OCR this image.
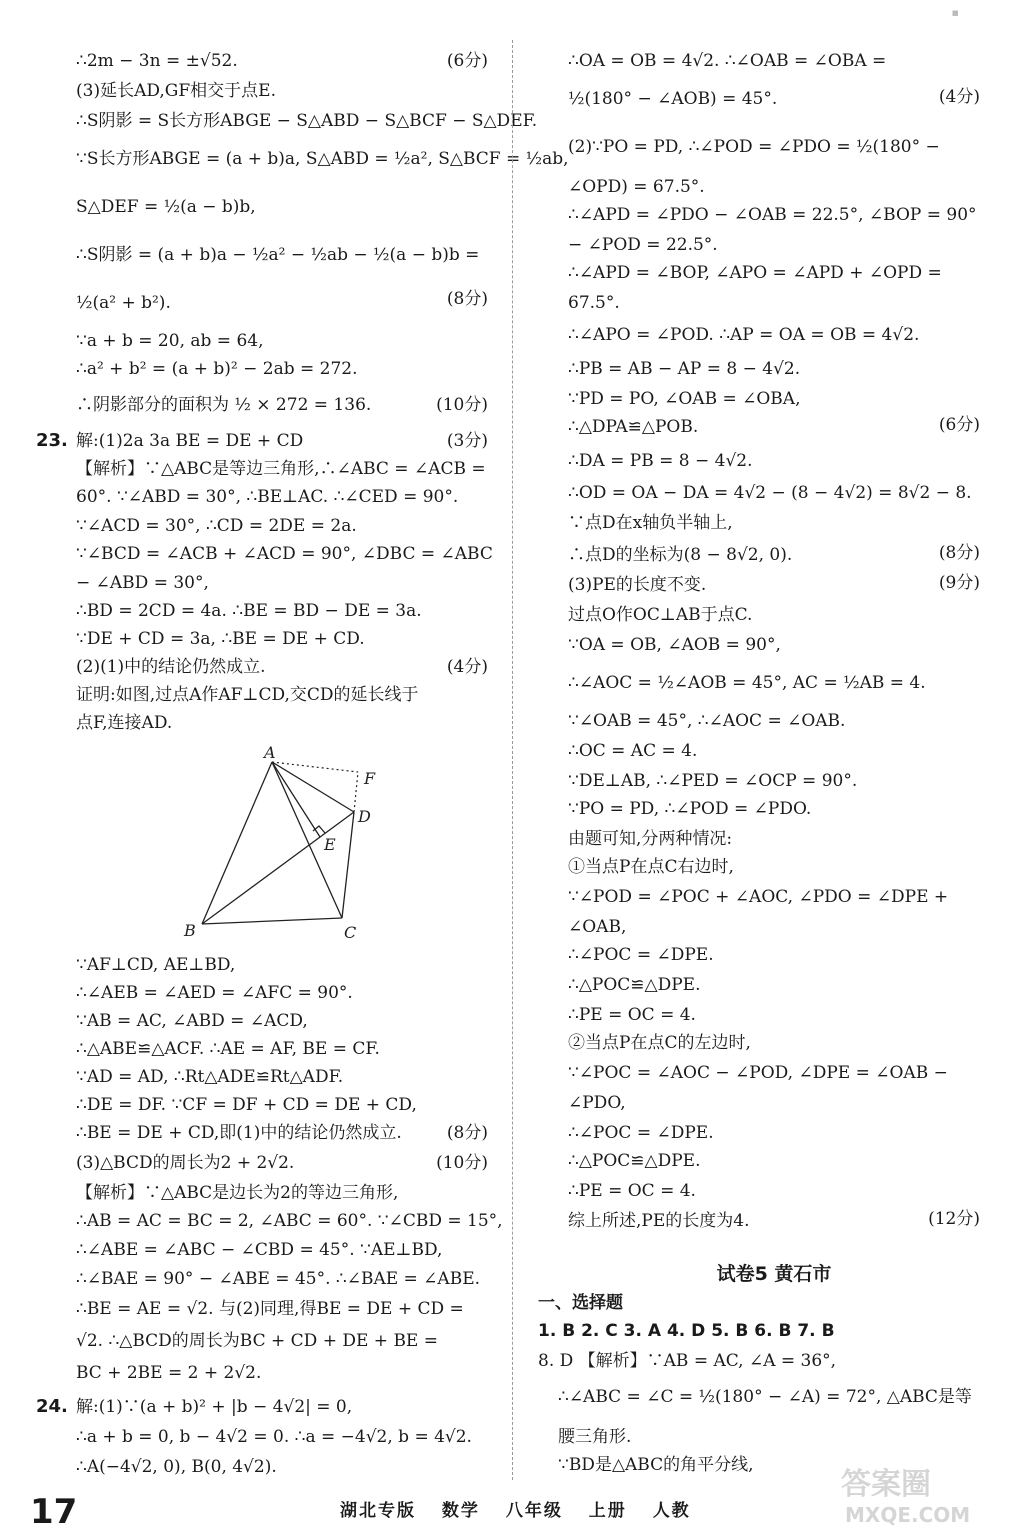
▪
∴2m − 3n = ±√52.	(6分)
(3)延长AD,GF相交于点E.
∴S阴影 = S长方形ABGE − S△ABD − S△BCF − S△DEF.
∵S长方形ABGE = (a + b)a, S△ABD = ½a², S△BCF = ½ab,
S△DEF = ½(a − b)b,
∴S阴影 = (a + b)a − ½a² − ½ab − ½(a − b)b =
½(a² + b²).	(8分)
∵a + b = 20, ab = 64,
∴a² + b² = (a + b)² − 2ab = 272.
∴阴影部分的面积为 ½ × 272 = 136.	(10分)
23. 解:(1)2a 3a BE = DE + CD	(3分)
【解析】∵△ABC是等边三角形,∴∠ABC = ∠ACB =
60°. ∵∠ABD = 30°, ∴BE⊥AC. ∴∠CED = 90°.
∵∠ACD = 30°, ∴CD = 2DE = 2a.
∵∠BCD = ∠ACB + ∠ACD = 90°, ∠DBC = ∠ABC
− ∠ABD = 30°,
∴BD = 2CD = 4a. ∴BE = BD − DE = 3a.
∵DE + CD = 3a, ∴BE = DE + CD.
(2)(1)中的结论仍然成立.	(4分)
证明:如图,过点A作AF⊥CD,交CD的延长线于
点F,连接AD.
∵AF⊥CD, AE⊥BD,
∴∠AEB = ∠AED = ∠AFC = 90°.
∵AB = AC, ∠ABD = ∠ACD,
∴△ABE≌△ACF. ∴AE = AF, BE = CF.
∵AD = AD, ∴Rt△ADE≌Rt△ADF.
∴DE = DF. ∵CF = DF + CD = DE + CD,
∴BE = DE + CD,即(1)中的结论仍然成立.	(8分)
(3)△BCD的周长为2 + 2√2.	(10分)
【解析】∵△ABC是边长为2的等边三角形,
∴AB = AC = BC = 2, ∠ABC = 60°. ∵∠CBD = 15°,
∴∠ABE = ∠ABC − ∠CBD = 45°. ∵AE⊥BD,
∴∠BAE = 90° − ∠ABE = 45°. ∴∠BAE = ∠ABE.
∴BE = AE = √2. 与(2)同理,得BE = DE + CD =
√2. ∴△BCD的周长为BC + CD + DE + BE =
BC + 2BE = 2 + 2√2.
24. 解:(1)∵(a + b)² + |b − 4√2| = 0,
∴a + b = 0, b − 4√2 = 0. ∴a = −4√2, b = 4√2.
∴A(−4√2, 0), B(0, 4√2).
A
B	C
D
E
F
∴OA = OB = 4√2. ∴∠OAB = ∠OBA =
½(180° − ∠AOB) = 45°.	(4分)
(2)∵PO = PD, ∴∠POD = ∠PDO = ½(180° −
∠OPD) = 67.5°.
∴∠APD = ∠PDO − ∠OAB = 22.5°, ∠BOP = 90°
− ∠POD = 22.5°.
∴∠APD = ∠BOP, ∠APO = ∠APD + ∠OPD =
67.5°.
∴∠APO = ∠POD. ∴AP = OA = OB = 4√2.
∴PB = AB − AP = 8 − 4√2.
∵PD = PO, ∠OAB = ∠OBA,
∴△DPA≌△POB.	(6分)
∴DA = PB = 8 − 4√2.
∴OD = OA − DA = 4√2 − (8 − 4√2) = 8√2 − 8.
∵点D在x轴负半轴上,
∴点D的坐标为(8 − 8√2, 0).	(8分)
(3)PE的长度不变.	(9分)
过点O作OC⊥AB于点C.
∵OA = OB, ∠AOB = 90°,
∴∠AOC = ½∠AOB = 45°, AC = ½AB = 4.
∵∠OAB = 45°, ∴∠AOC = ∠OAB.
∴OC = AC = 4.
∵DE⊥AB, ∴∠PED = ∠OCP = 90°.
∵PO = PD, ∴∠POD = ∠PDO.
由题可知,分两种情况:
①当点P在点C右边时,
∵∠POD = ∠POC + ∠AOC, ∠PDO = ∠DPE +
∠OAB,
∴∠POC = ∠DPE.
∴△POC≌△DPE.
∴PE = OC = 4.
②当点P在点C的左边时,
∵∠POC = ∠AOC − ∠POD, ∠DPE = ∠OAB −
∠PDO,
∴∠POC = ∠DPE.
∴△POC≌△DPE.
∴PE = OC = 4.
综上所述,PE的长度为4.	(12分)
试卷5 黄石市
一、选择题
1. B 2. C 3. A 4. D 5. B 6. B 7. B
8. D 【解析】∵AB = AC, ∠A = 36°,
∴∠ABC = ∠C = ½(180° − ∠A) = 72°, △ABC是等
腰三角形.
∵BD是△ABC的角平分线,
17	湖北专版 数学 八年级 上册 人教
答案圈
MXQE.COM
